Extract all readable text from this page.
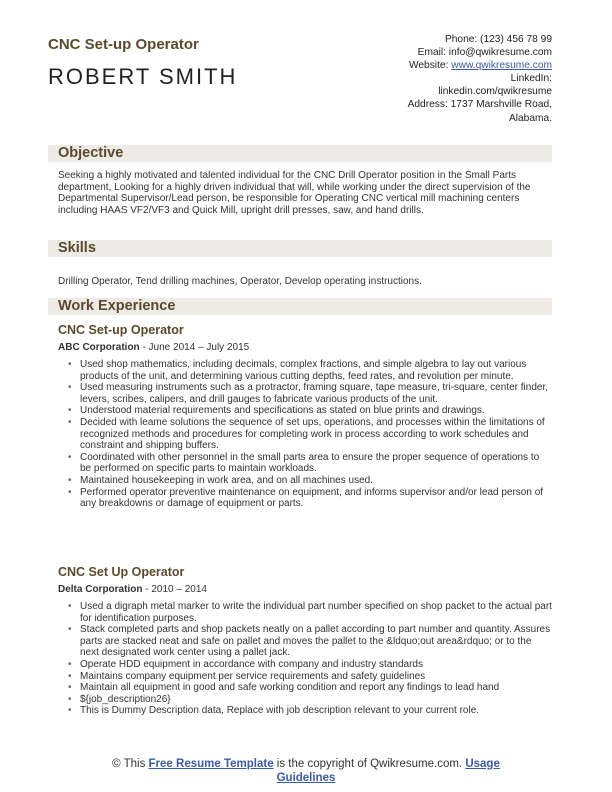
CNC Set-up Operator
ROBERT SMITH
Phone: (123) 456 78 99
Email: info@qwikresume.com
Website: www.qwikresume.com
LinkedIn:
linkedin.com/qwikresume
Address: 1737 Marshville Road,
Alabama.
Objective
Seeking a highly motivated and talented individual for the CNC Drill Operator position in the Small Parts department, Looking for a highly driven individual that will, while working under the direct supervision of the Departmental Supervisor/Lead person, be responsible for Operating CNC vertical mill machining centers including HAAS VF2/VF3 and Quick Mill, upright drill presses, saw, and hand drills.
Skills
Drilling Operator, Tend drilling machines, Operator, Develop operating instructions.
Work Experience
CNC Set-up Operator
ABC Corporation - June 2014 – July 2015
• Used shop mathematics, including decimals, complex fractions, and simple algebra to lay out various products of the unit, and determining various cutting depths, feed rates, and revolution per minute.
• Used measuring instruments such as a protractor, framing square, tape measure, tri-square, center finder, levers, scribes, calipers, and drill gauges to fabricate various products of the unit.
• Understood material requirements and specifications as stated on blue prints and drawings.
• Decided with leame solutions the sequence of set ups, operations, and processes within the limitations of recognized methods and procedures for completing work in process according to work schedules and constraint and shipping buffers.
• Coordinated with other personnel in the small parts area to ensure the proper sequence of operations to be performed on specific parts to maintain workloads.
• Maintained housekeeping in work area, and on all machines used.
• Performed operator preventive maintenance on equipment, and informs supervisor and/or lead person of any breakdowns or damage of equipment or parts.
CNC Set Up Operator
Delta Corporation - 2010 – 2014
• Used a digraph metal marker to write the individual part number specified on shop packet to the actual part for identification purposes.
• Stack completed parts and shop packets neatly on a pallet according to part number and quantity. Assures parts are stacked neat and safe on pallet and moves the pallet to the &ldquo;out area&rdquo; or to the next designated work center using a pallet jack.
• Operate HDD equipment in accordance with company and industry standards
• Maintains company equipment per service requirements and safety guidelines
• Maintain all equipment in good and safe working condition and report any findings to lead hand
• ${job_description26}
• This is Dummy Description data, Replace with job description relevant to your current role.
© This Free Resume Template is the copyright of Qwikresume.com. Usage
Guidelines
